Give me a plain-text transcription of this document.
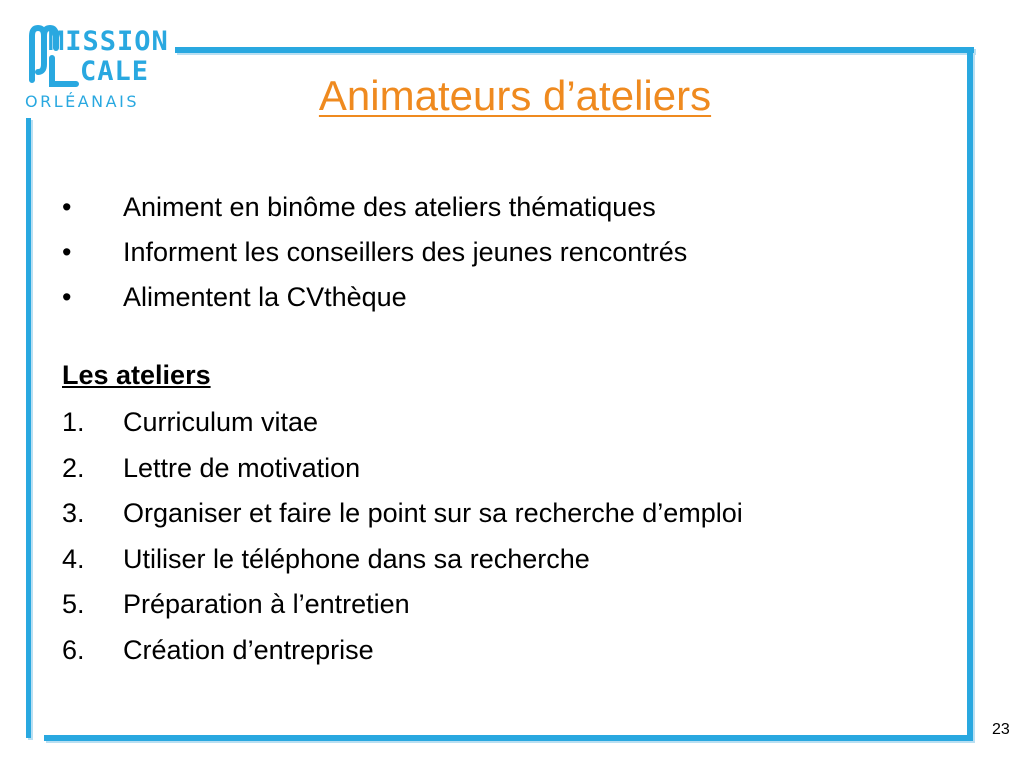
MISSION
CALE
ORLÉANAIS	Animateurs d’ateliers
•	Animent en binôme des ateliers thématiques
•	Informent les conseillers des jeunes rencontrés
•	Alimentent la CVthèque
Les ateliers
1.	Curriculum vitae
2.	Lettre de motivation
3.	Organiser et faire le point sur sa recherche d’emploi
4.	Utiliser le téléphone dans sa recherche
5.	Préparation à l’entretien
6.	Création d’entreprise
23
